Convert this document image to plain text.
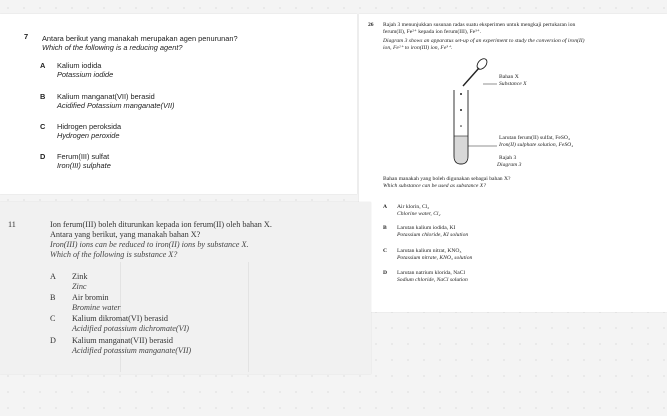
7 Antara berikut yang manakah merupakan agen penurunan?
Which of the following is a reducing agent?
A Kalium iodida
Potassium iodide
B Kalium manganat(VII) berasid
Acidified Potassium manganate(VII)
C Hidrogen peroksida
Hydrogen peroxide
D Ferum(III) sulfat
Iron(III) sulphate
26 Rajah 3 menunjukkan susunan radas suatu eksperimen untuk mengkaji pertukaran ion
ferum(II), Fe²⁺ kepada ion ferum(III), Fe³⁺.
Diagram 3 shows an apparatus set-up of an experiment to study the conversion of iron(II)
ion, Fe²⁺ to iron(III) ion, Fe³⁺.
Bahan X
Substance X
Larutan ferum(II) sulfat, FeSO₄
Iron(II) sulphate solution, FeSO₄
Rajah 3
Diagram 3
Bahan manakah yang boleh digunakan sebagai bahan X?
Which substance can be used as substance X?
A Air klorin, Cl₂
Chlorine water, Cl₂
B Larutan kalium iodida, KI
Potassium chloride, KI solution
C Larutan kalium nitrat, KNO₃
Potassium nitrate, KNO₃ solution
D Larutan natrium klorida, NaCl
Sodium chloride, NaCl solution
11	Ion ferum(III) boleh diturunkan kepada ion ferum(II) oleh bahan X.
Antara yang berikut, yang manakah bahan X?
Iron(III) ions can be reduced to iron(II) ions by substance X.
Which of the following is substance X?
A Zink
Zinc
B Air bromin
Bromine water
C Kalium dikromat(VI) berasid
Acidified potassium dichromate(VI)
D Kalium manganat(VII) berasid
Acidified potassium manganate(VII)
